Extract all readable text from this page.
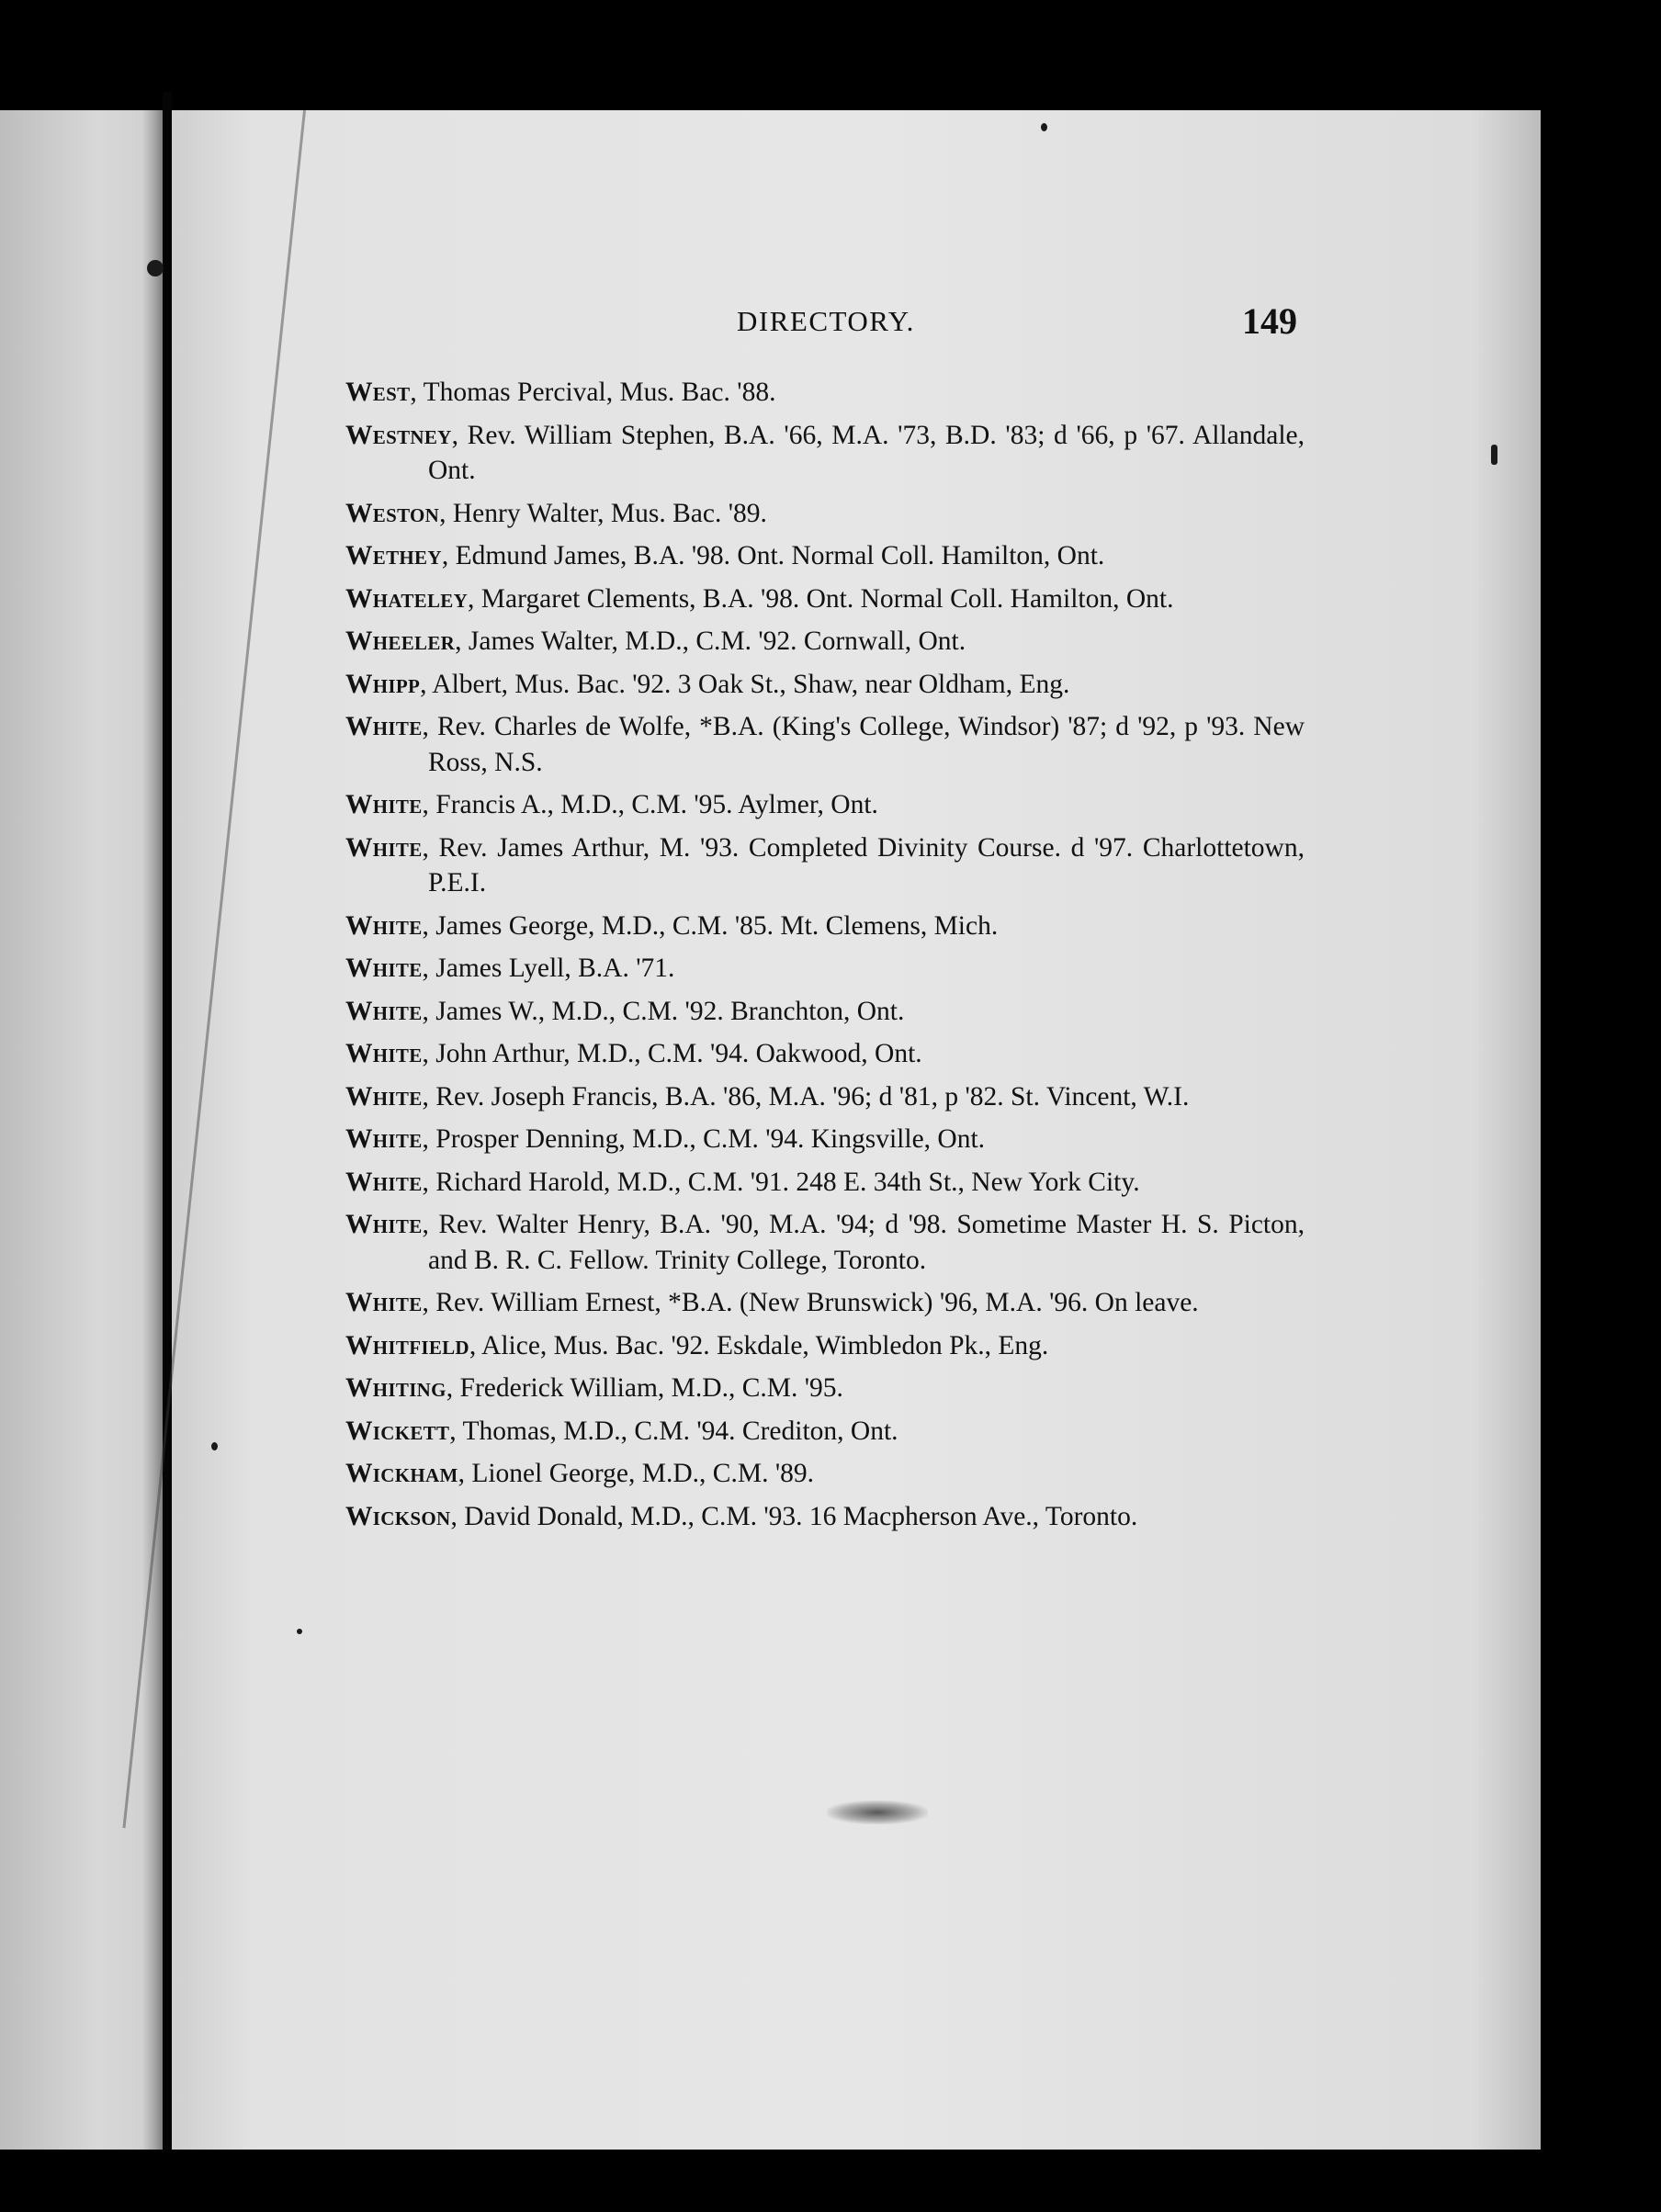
DIRECTORY.	149

West, Thomas Percival, Mus. Bac. '88.

Westney, Rev. William Stephen, B.A. '66, M.A. '73, B.D. '83; d '66, p '67. Allandale, Ont.

Weston, Henry Walter, Mus. Bac. '89.

Wethey, Edmund James, B.A. '98. Ont. Normal Coll. Hamilton, Ont.

Whateley, Margaret Clements, B.A. '98. Ont. Normal Coll. Hamilton, Ont.

Wheeler, James Walter, M.D., C.M. '92. Cornwall, Ont.

Whipp, Albert, Mus. Bac. '92. 3 Oak St., Shaw, near Oldham, Eng.

White, Rev. Charles de Wolfe, *B.A. (King's College, Windsor) '87; d '92, p '93. New Ross, N.S.

White, Francis A., M.D., C.M. '95. Aylmer, Ont.

White, Rev. James Arthur, M. '93. Completed Divinity Course. d '97. Charlottetown, P.E.I.

White, James George, M.D., C.M. '85. Mt. Clemens, Mich.

White, James Lyell, B.A. '71.

White, James W., M.D., C.M. '92. Branchton, Ont.

White, John Arthur, M.D., C.M. '94. Oakwood, Ont.

White, Rev. Joseph Francis, B.A. '86, M.A. '96; d '81, p '82. St. Vincent, W.I.

White, Prosper Denning, M.D., C.M. '94. Kingsville, Ont.

White, Richard Harold, M.D., C.M. '91. 248 E. 34th St., New York City.

White, Rev. Walter Henry, B.A. '90, M.A. '94; d '98. Sometime Master H. S. Picton, and B. R. C. Fellow. Trinity College, Toronto.

White, Rev. William Ernest, *B.A. (New Brunswick) '96, M.A. '96. On leave.

Whitfield, Alice, Mus. Bac. '92. Eskdale, Wimbledon Pk., Eng.

Whiting, Frederick William, M.D., C.M. '95.

Wickett, Thomas, M.D., C.M. '94. Crediton, Ont.

Wickham, Lionel George, M.D., C.M. '89.

Wickson, David Donald, M.D., C.M. '93. 16 Macpherson Ave., Toronto.
